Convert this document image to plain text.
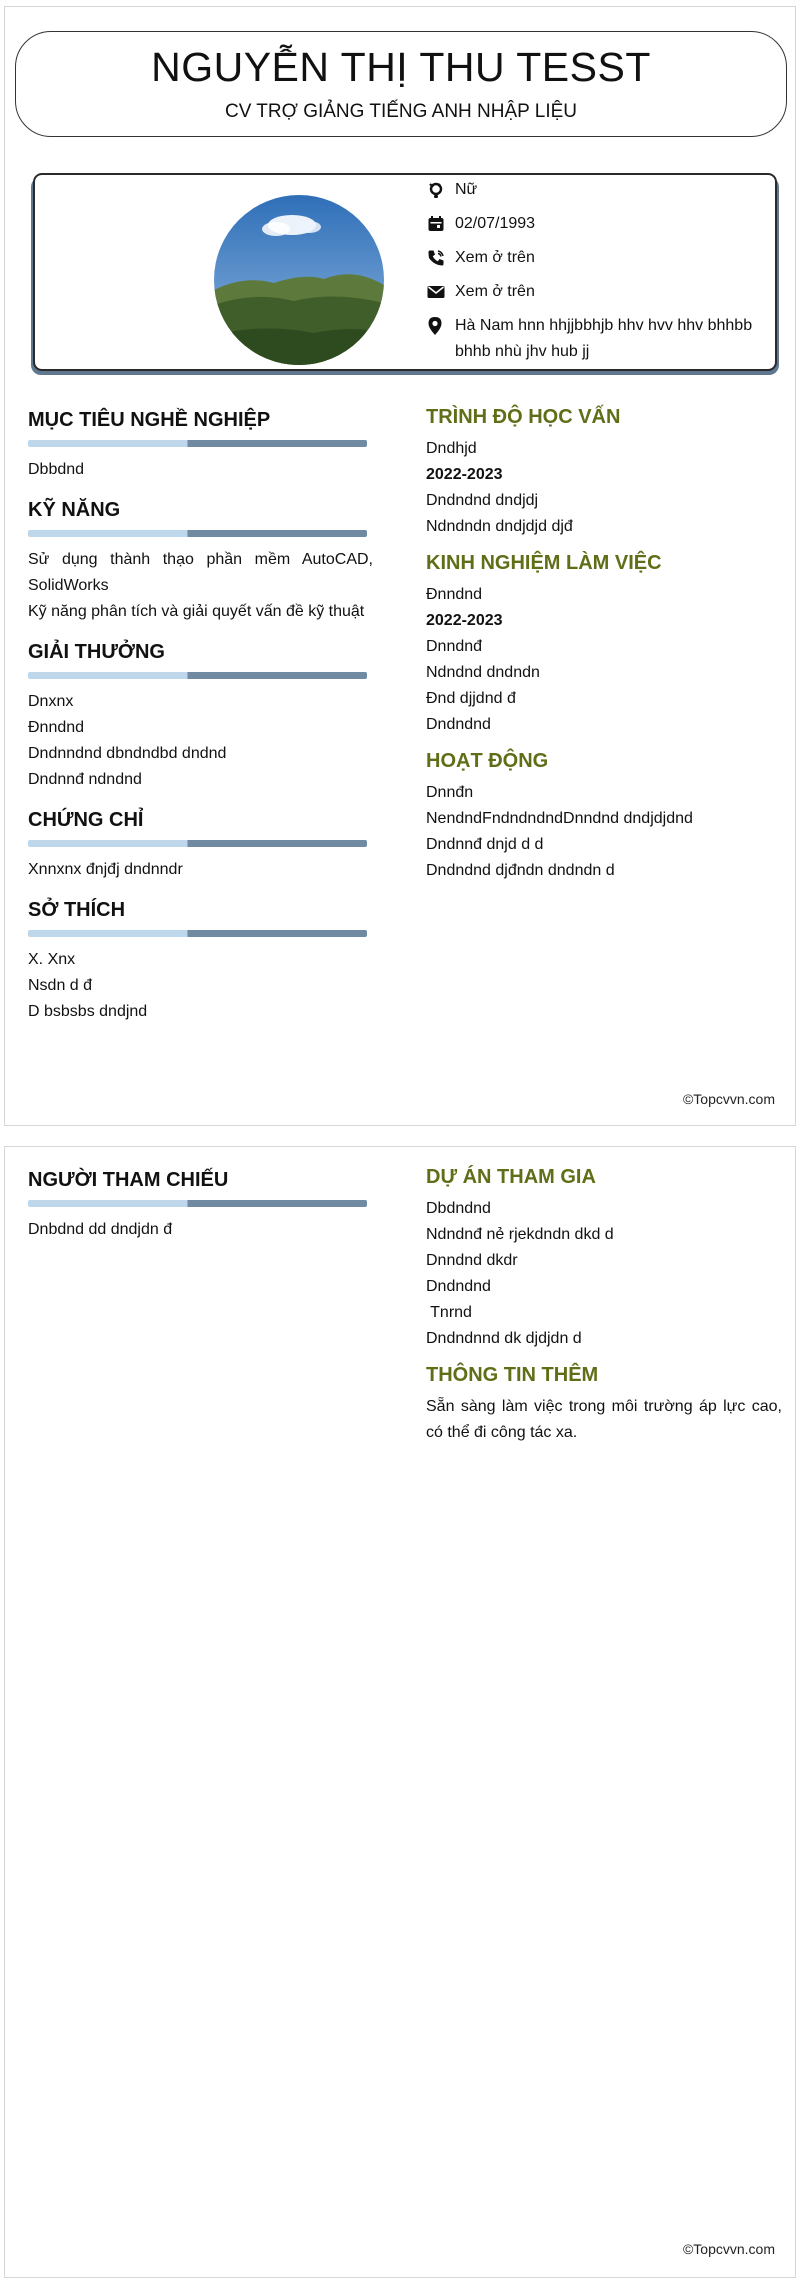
NGUYỄN THỊ THU TESST
CV TRỢ GIẢNG TIẾNG ANH NHẬP LIỆU
Nữ
02/07/1993
Xem ở trên
Xem ở trên
Hà Nam hnn hhjjbbhjb hhv hvv hhv bhhbb bhhb nhù jhv hub jj
MỤC TIÊU NGHỀ NGHIỆP
Dbbdnd
KỸ NĂNG
Sử dụng thành thạo phần mềm AutoCAD, SolidWorks
Kỹ năng phân tích và giải quyết vấn đề kỹ thuật
GIẢI THƯỞNG
Dnxnx
Đnndnd
Dndnndnd dbndndbd dndnd
Dndnnđ ndndnd
CHỨNG CHỈ
Xnnxnx đnjđj dndnndr
SỞ THÍCH
X. Xnx
Nsdn d đ
D bsbsbs dndjnd
TRÌNH ĐỘ HỌC VẤN
Dndhjd
2022-2023
Dndndnd dndjdj
Ndndndn dndjdjd djđ
KINH NGHIỆM LÀM VIỆC
Đnndnd
2022-2023
Dnndnđ
Ndndnd dndndn
Đnd djjdnd đ
Dndndnd
HOẠT ĐỘNG
Dnnđn
NendndFndndndndDnndnd dndjdjdnd
Dndnnđ dnjd d d
Dndndnd djđndn dndndn d
©Topcvvn.com
NGƯỜI THAM CHIẾU
Dnbdnd dd dndjdn đ
DỰ ÁN THAM GIA
Dbdndnd
Ndndnđ nẻ rjekdndn dkd d
Dnndnd dkdr
Dndndnd
Tnrnd
Dndndnnd dk djdjdn d
THÔNG TIN THÊM
Sẵn sàng làm việc trong môi trường áp lực cao, có thể đi công tác xa.
©Topcvvn.com
